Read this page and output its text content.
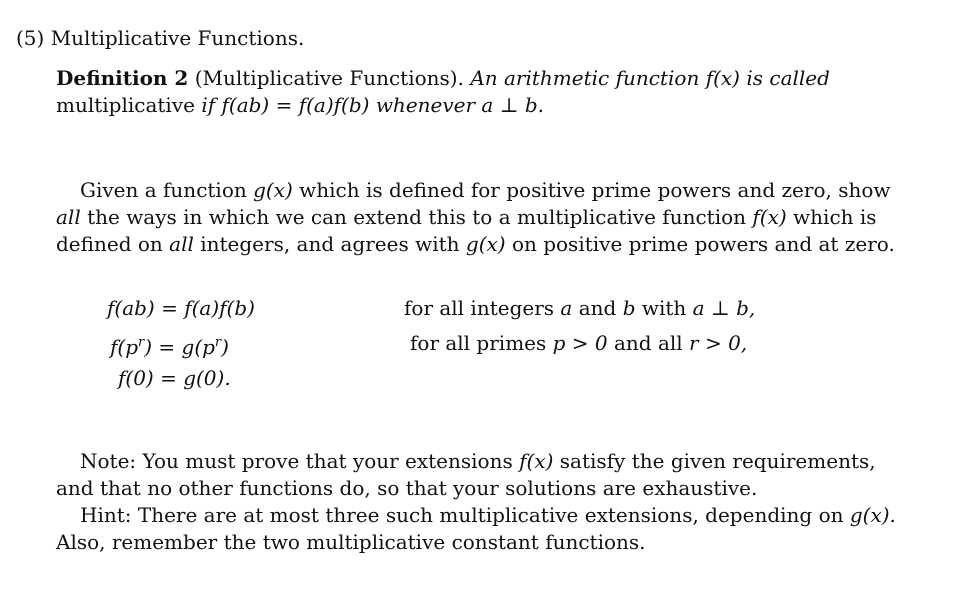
(5) Multiplicative Functions.
Definition 2 (Multiplicative Functions). An arithmetic function f(x) is called
multiplicative if f(ab) = f(a)f(b) whenever a ⊥ b.
Given a function g(x) which is defined for positive prime powers and zero, show
all the ways in which we can extend this to a multiplicative function f(x) which is
defined on all integers, and agrees with g(x) on positive prime powers and at zero.
f(ab) = f(a)f(b)
$f(p^r) = g(p^r)$
f(0) = g(0).
for all integers a and b with a ⊥ b,
for all primes p > 0 and all r > 0,
Note: You must prove that your extensions f(x) satisfy the given requirements,
and that no other functions do, so that your solutions are exhaustive.
Hint: There are at most three such multiplicative extensions, depending on g(x).
Also, remember the two multiplicative constant functions.
